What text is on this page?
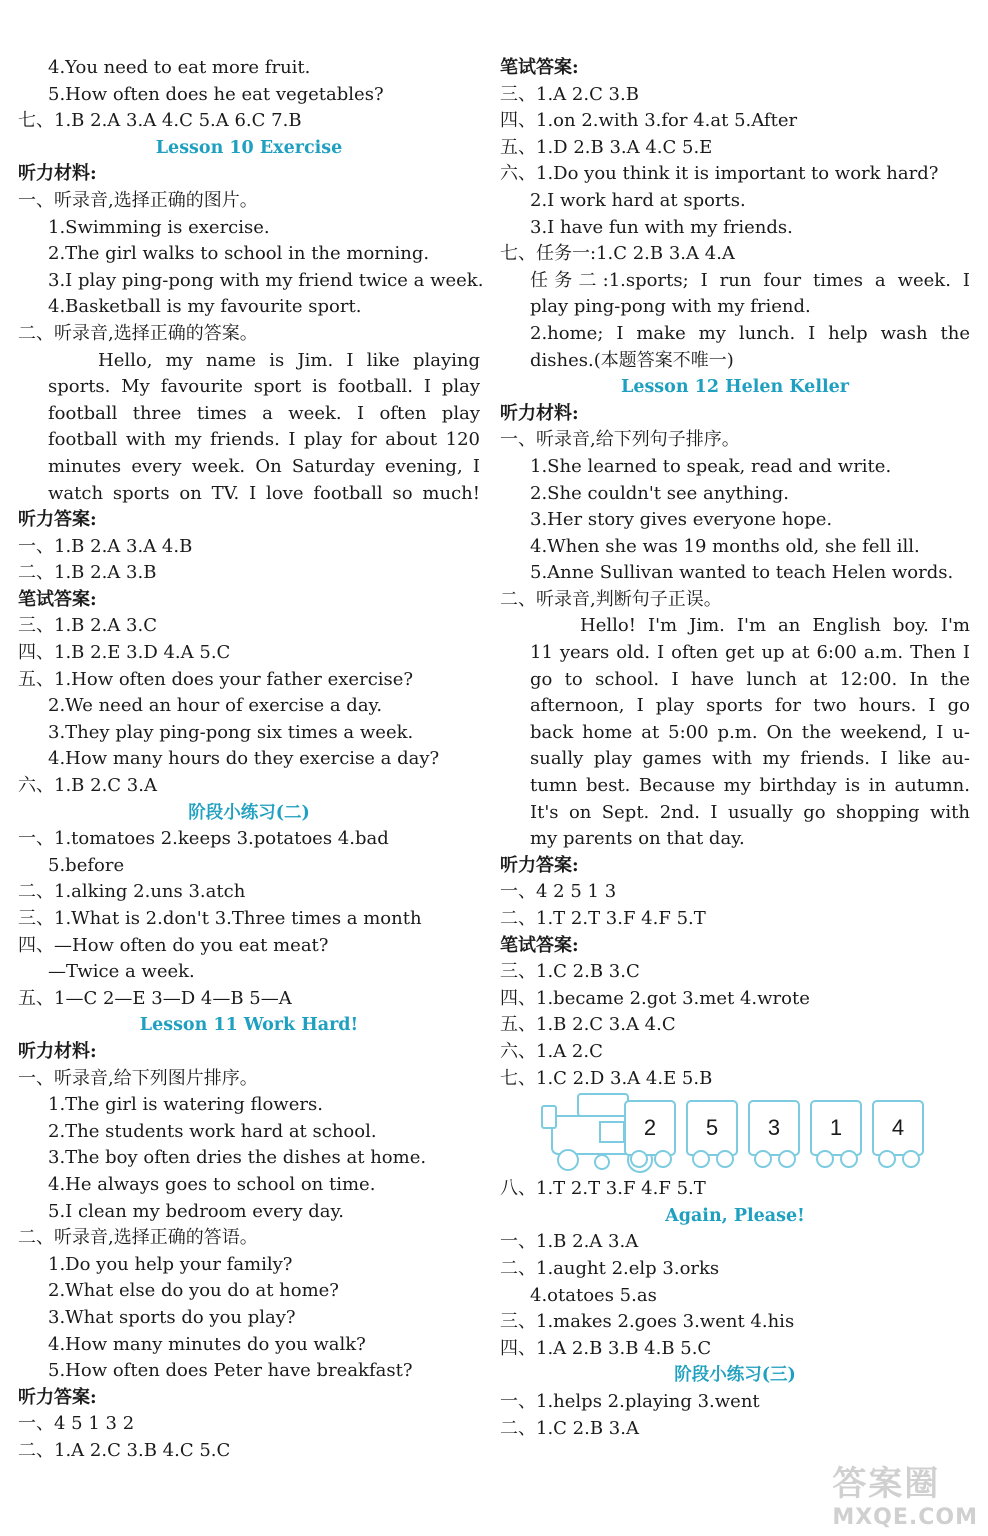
4.You need to eat more fruit.
5.How often does he eat vegetables?
七、1.B 2.A 3.A 4.C 5.A 6.C 7.B
Lesson 10 Exercise
听力材料:
一、听录音,选择正确的图片。
1.Swimming is exercise.
2.The girl walks to school in the morning.
3.I play ping-pong with my friend twice a week.
4.Basketball is my favourite sport.
二、听录音,选择正确的答案。
Hello, my name is Jim. I like playing
sports. My favourite sport is football. I play
football three times a week. I often play
football with my friends. I play for about 120
minutes every week. On Saturday evening, I
watch sports on TV. I love football so much!
听力答案:
一、1.B 2.A 3.A 4.B
二、1.B 2.A 3.B
笔试答案:
三、1.B 2.A 3.C
四、1.B 2.E 3.D 4.A 5.C
五、1.How often does your father exercise?
2.We need an hour of exercise a day.
3.They play ping-pong six times a week.
4.How many hours do they exercise a day?
六、1.B 2.C 3.A
阶段小练习(二)
一、1.tomatoes 2.keeps 3.potatoes 4.bad
5.before
二、1.alking 2.uns 3.atch
三、1.What is 2.don't 3.Three times a month
四、—How often do you eat meat?
—Twice a week.
五、1—C 2—E 3—D 4—B 5—A
Lesson 11 Work Hard!
听力材料:
一、听录音,给下列图片排序。
1.The girl is watering flowers.
2.The students work hard at school.
3.The boy often dries the dishes at home.
4.He always goes to school on time.
5.I clean my bedroom every day.
二、听录音,选择正确的答语。
1.Do you help your family?
2.What else do you do at home?
3.What sports do you play?
4.How many minutes do you walk?
5.How often does Peter have breakfast?
听力答案:
一、4 5 1 3 2
二、1.A 2.C 3.B 4.C 5.C
笔试答案:
三、1.A 2.C 3.B
四、1.on 2.with 3.for 4.at 5.After
五、1.D 2.B 3.A 4.C 5.E
六、1.Do you think it is important to work hard?
2.I work hard at sports.
3.I have fun with my friends.
七、任务一:1.C 2.B 3.A 4.A
任务二:1.sports; I run four times a week. I
play ping-pong with my friend.
2.home; I make my lunch. I help wash the
dishes.(本题答案不唯一)
Lesson 12 Helen Keller
听力材料:
一、听录音,给下列句子排序。
1.She learned to speak, read and write.
2.She couldn't see anything.
3.Her story gives everyone hope.
4.When she was 19 months old, she fell ill.
5.Anne Sullivan wanted to teach Helen words.
二、听录音,判断句子正误。
Hello! I'm Jim. I'm an English boy. I'm
11 years old. I often get up at 6:00 a.m. Then I
go to school. I have lunch at 12:00. In the
afternoon, I play sports for two hours. I go
back home at 5:00 p.m. On the weekend, I u-
sually play games with my friends. I like au-
tumn best. Because my birthday is in autumn.
It's on Sept. 2nd. I usually go shopping with
my parents on that day.
听力答案:
一、4 2 5 1 3
二、1.T 2.T 3.F 4.F 5.T
笔试答案:
三、1.C 2.B 3.C
四、1.became 2.got 3.met 4.wrote
五、1.B 2.C 3.A 4.C
六、1.A 2.C
七、1.C 2.D 3.A 4.E 5.B
2	5	3	1	4
八、1.T 2.T 3.F 4.F 5.T
Again, Please!
一、1.B 2.A 3.A
二、1.aught 2.elp 3.orks
4.otatoes 5.as
三、1.makes 2.goes 3.went 4.his
四、1.A 2.B 3.B 4.B 5.C
阶段小练习(三)
一、1.helps 2.playing 3.went
二、1.C 2.B 3.A
答案圈
MXQE.COM
